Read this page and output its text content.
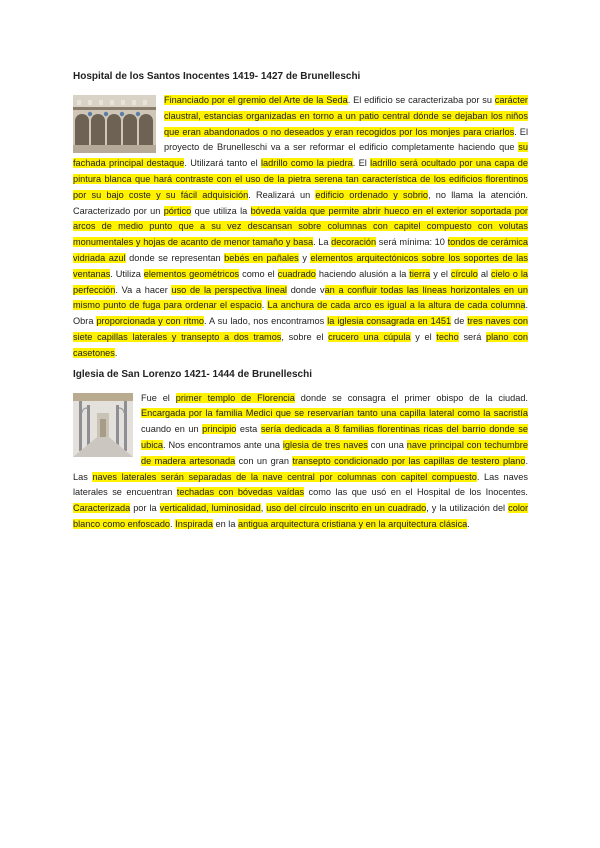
Hospital de los Santos Inocentes 1419- 1427 de Brunelleschi
Financiado por el gremio del Arte de la Seda. El edificio se caracterizaba por su carácter claustral, estancias organizadas en torno a un patio central dónde se dejaban los niños que eran abandonados o no deseados y eran recogidos por los monjes para criarlos. El proyecto de Brunelleschi va a ser reformar el edificio completamente haciendo que su fachada principal destaque. Utilizará tanto el ladrillo como la piedra. El ladrillo será ocultado por una capa de pintura blanca que hará contraste con el uso de la pietra serena tan característica de los edificios florentinos por su bajo coste y su fácil adquisición. Realizará un edificio ordenado y sobrio, no llama la atención. Caracterizado por un pórtico que utiliza la bóveda vaída que permite abrir hueco en el exterior soportada por arcos de medio punto que a su vez descansan sobre columnas con capitel compuesto con volutas monumentales y hojas de acanto de menor tamaño y basa. La decoración será mínima: 10 tondos de cerámica vidriada azul donde se representan bebés en pañales y elementos arquitectónicos sobre los soportes de las ventanas. Utiliza elementos geométricos como el cuadrado haciendo alusión a la tierra y el círculo al cielo o la perfección. Va a hacer uso de la perspectiva lineal donde van a confluir todas las líneas horizontales en un mismo punto de fuga para ordenar el espacio. La anchura de cada arco es igual a la altura de cada columna. Obra proporcionada y con ritmo. A su lado, nos encontramos la iglesia consagrada en 1451 de tres naves con siete capillas laterales y transepto a dos tramos, sobre el crucero una cúpula y el techo será plano con casetones.
Iglesia de San Lorenzo 1421- 1444 de Brunelleschi
Fue el primer templo de Florencia donde se consagra el primer obispo de la ciudad. Encargada por la familia Medici que se reservarían tanto una capilla lateral como la sacristía cuando en un principio esta sería dedicada a 8 familias florentinas ricas del barrio donde se ubica. Nos encontramos ante una iglesia de tres naves con una nave principal con techumbre de madera artesonada con un gran transepto condicionado por las capillas de testero plano. Las naves laterales serán separadas de la nave central por columnas con capitel compuesto. Las naves laterales se encuentran techadas con bóvedas vaídas como las que usó en el Hospital de los Inocentes. Caracterizada por la verticalidad, luminosidad, uso del círculo inscrito en un cuadrado, y la utilización del color blanco como enfoscado. Inspirada en la antigua arquitectura cristiana y en la arquitectura clásica.
